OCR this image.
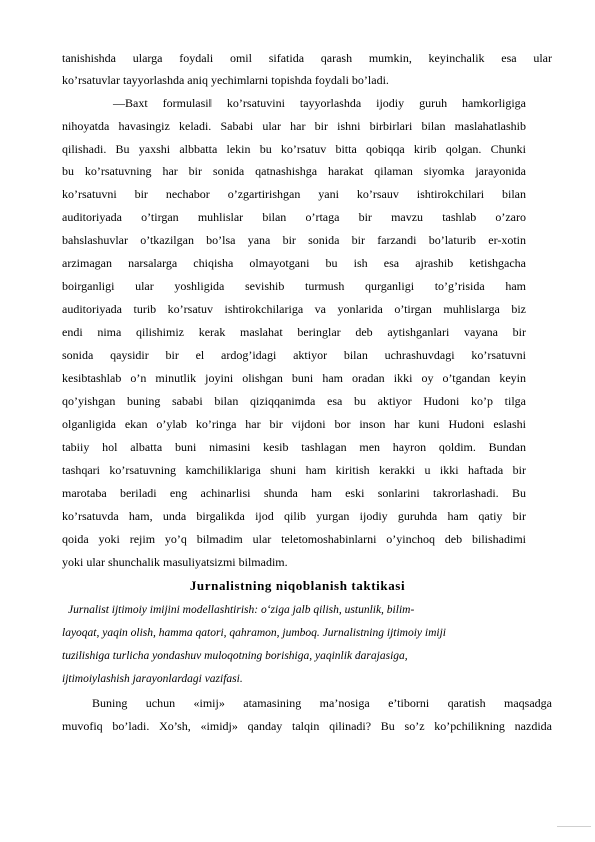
tanishishda ularga foydali omil sifatida qarash mumkin, keyinchalik esa ular
ko’rsatuvlar tayyorlashda aniq yechimlarni topishda foydali bo’ladi.
―Baxt formulasi‖ ko’rsatuvini tayyorlashda ijodiy guruh hamkorligiga
nihoyatda havasingiz keladi. Sababi ular har bir ishni birbirlari bilan maslahatlashib
qilishadi. Bu yaxshi albbatta lekin bu ko’rsatuv bitta qobiqqa kirib qolgan. Chunki
bu ko’rsatuvning har bir sonida qatnashishga harakat qilaman siyomka jarayonida
ko’rsatuvni bir nechabor o’zgartirishgan yani ko’rsauv ishtirokchilari bilan
auditoriyada o’tirgan muhlislar bilan o’rtaga bir mavzu tashlab o’zaro
bahslashuvlar o’tkazilgan bo’lsa yana bir sonida bir farzandi bo’laturib er-xotin
arzimagan narsalarga chiqisha olmayotgani bu ish esa ajrashib ketishgacha
boirganligi ular yoshligida sevishib turmush qurganligi to’g’risida ham
auditoriyada turib ko’rsatuv ishtirokchilariga va yonlarida o’tirgan muhlislarga biz
endi nima qilishimiz kerak maslahat beringlar deb aytishganlari vayana bir
sonida qaysidir bir el ardog’idagi aktiyor bilan uchrashuvdagi ko’rsatuvni
kesibtashlab o’n minutlik joyini olishgan buni ham oradan ikki oy o’tgandan keyin
qo’yishgan buning sababi bilan qiziqqanimda esa bu aktiyor Hudoni ko’p tilga
olganligida ekan o’ylab ko’ringa har bir vijdoni bor inson har kuni Hudoni eslashi
tabiiy hol albatta buni nimasini kesib tashlagan men hayron qoldim. Bundan
tashqari ko’rsatuvning kamchiliklariga shuni ham kiritish kerakki u ikki haftada bir
marotaba beriladi eng achinarlisi shunda ham eski sonlarini takrorlashadi. Bu
ko’rsatuvda ham, unda birgalikda ijod qilib yurgan ijodiy guruhda ham qatiy bir
qoida yoki rejim yo’q bilmadim ular teletomoshabinlarni o’yinchoq deb bilishadimi
yoki ular shunchalik masuliyatsizmi bilmadim.
Jurnalistning niqoblanish taktikasi
Jurnalist ijtimoiy imijini modellashtirish: o‘ziga jalb qilish, ustunlik, bilim-
layoqat, yaqin olish, hamma qatori, qahramon, jumboq. Jurnalistning ijtimoiy imiji
tuzilishiga turlicha yondashuv muloqotning borishiga, yaqinlik darajasiga,
ijtimoiylashish jarayonlardagi vazifasi.
Buning uchun «imij» atamasining ma’nosiga e’tiborni qaratish maqsadga
muvofiq bo’ladi. Xo’sh, «imidj» qanday talqin qilinadi? Bu so’z ko’pchilikning nazdida
